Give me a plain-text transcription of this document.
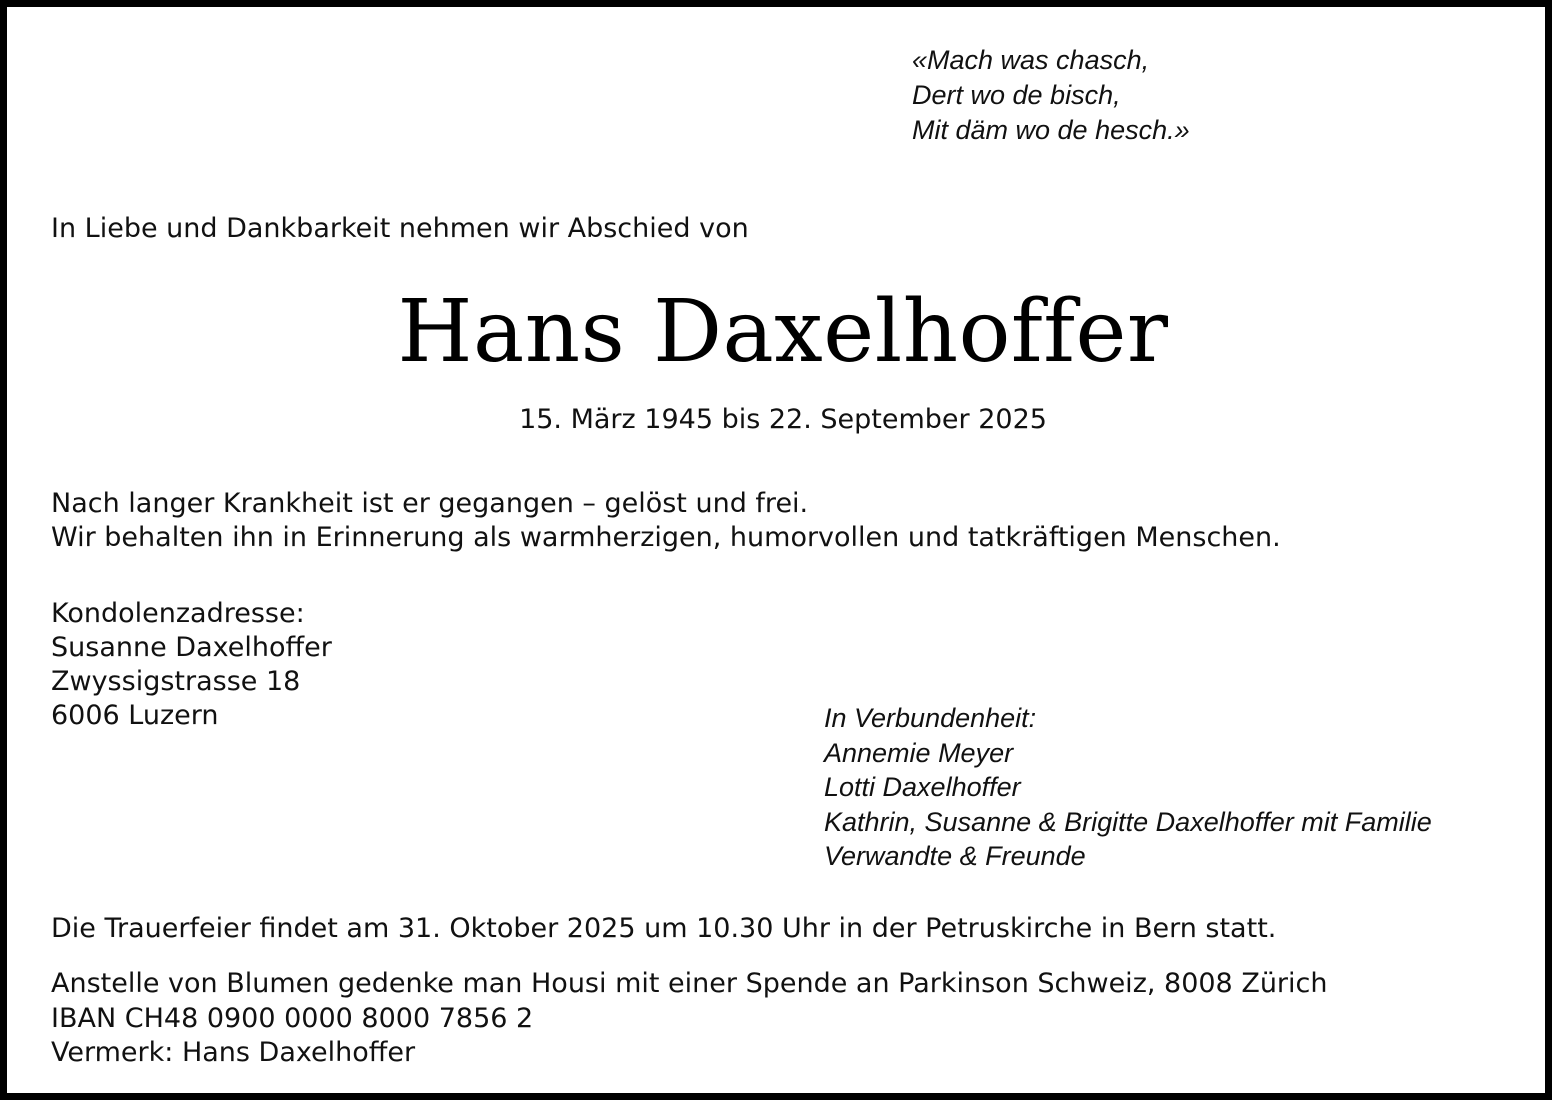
«Mach was chasch,
Dert wo de bisch,
Mit däm wo de hesch.»
In Liebe und Dankbarkeit nehmen wir Abschied von
Hans Daxelhoffer
15. März 1945 bis 22. September 2025
Nach langer Krankheit ist er gegangen – gelöst und frei.
Wir behalten ihn in Erinnerung als warmherzigen, humorvollen und tatkräftigen Menschen.
Kondolenzadresse:
Susanne Daxelhoffer
Zwyssigstrasse 18
6006 Luzern	In Verbundenheit:
Annemie Meyer
Lotti Daxelhoffer
Kathrin, Susanne & Brigitte Daxelhoffer mit Familie
Verwandte & Freunde
Die Trauerfeier findet am 31. Oktober 2025 um 10.30 Uhr in der Petruskirche in Bern statt.
Anstelle von Blumen gedenke man Housi mit einer Spende an Parkinson Schweiz, 8008 Zürich
IBAN CH48 0900 0000 8000 7856 2
Vermerk: Hans Daxelhoffer
